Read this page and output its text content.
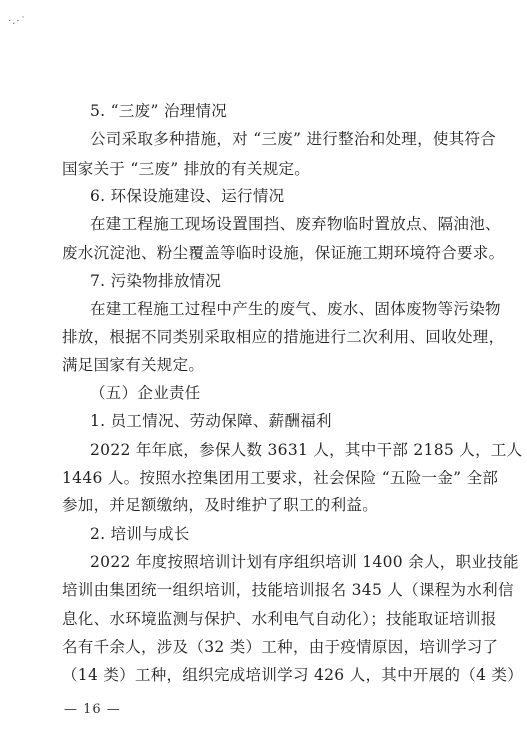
·.·˙
5. “三废” 治理情况
公司采取多种措施，对 “三废” 进行整治和处理，使其符合
国家关于 “三废” 排放的有关规定。
6. 环保设施建设、运行情况
在建工程施工现场设置围挡、废弃物临时置放点、隔油池、
废水沉淀池、粉尘覆盖等临时设施，保证施工期环境符合要求。
7. 污染物排放情况
在建工程施工过程中产生的废气、废水、固体废物等污染物
排放，根据不同类别采取相应的措施进行二次利用、回收处理，
满足国家有关规定。
（五）企业责任
1. 员工情况、劳动保障、薪酬福利
2022 年年底，参保人数 3631 人，其中干部 2185 人，工人
1446 人。按照水控集团用工要求，社会保险 “五险一金” 全部
参加，并足额缴纳，及时维护了职工的利益。
2. 培训与成长
2022 年度按照培训计划有序组织培训 1400 余人，职业技能
培训由集团统一组织培训，技能培训报名 345 人（课程为水利信
息化、水环境监测与保护、水利电气自动化）；技能取证培训报
名有千余人，涉及（32 类）工种，由于疫情原因，培训学习了
（14 类）工种，组织完成培训学习 426 人，其中开展的（4 类）
— 16 —
